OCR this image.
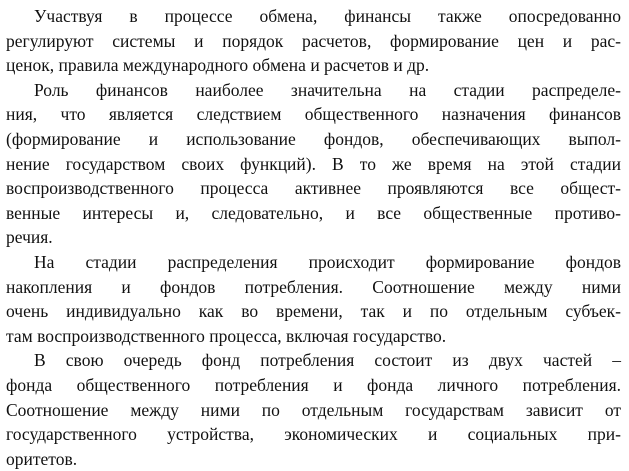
Участвуя в процессе обмена, финансы также опосредованно
регулируют системы и порядок расчетов, формирование цен и рас-
ценок, правила международного обмена и расчетов и др.
Роль финансов наиболее значительна на стадии распределе-
ния, что является следствием общественного назначения финансов
(формирование и использование фондов, обеспечивающих выпол-
нение государством своих функций). В то же время на этой стадии
воспроизводственного процесса активнее проявляются все общест-
венные интересы и, следовательно, и все общественные противо-
речия.
На стадии распределения происходит формирование фондов
накопления и фондов потребления. Соотношение между ними
очень индивидуально как во времени, так и по отдельным субъек-
там воспроизводственного процесса, включая государство.
В свою очередь фонд потребления состоит из двух частей –
фонда общественного потребления и фонда личного потребления.
Соотношение между ними по отдельным государствам зависит от
государственного устройства, экономических и социальных при-
оритетов.
